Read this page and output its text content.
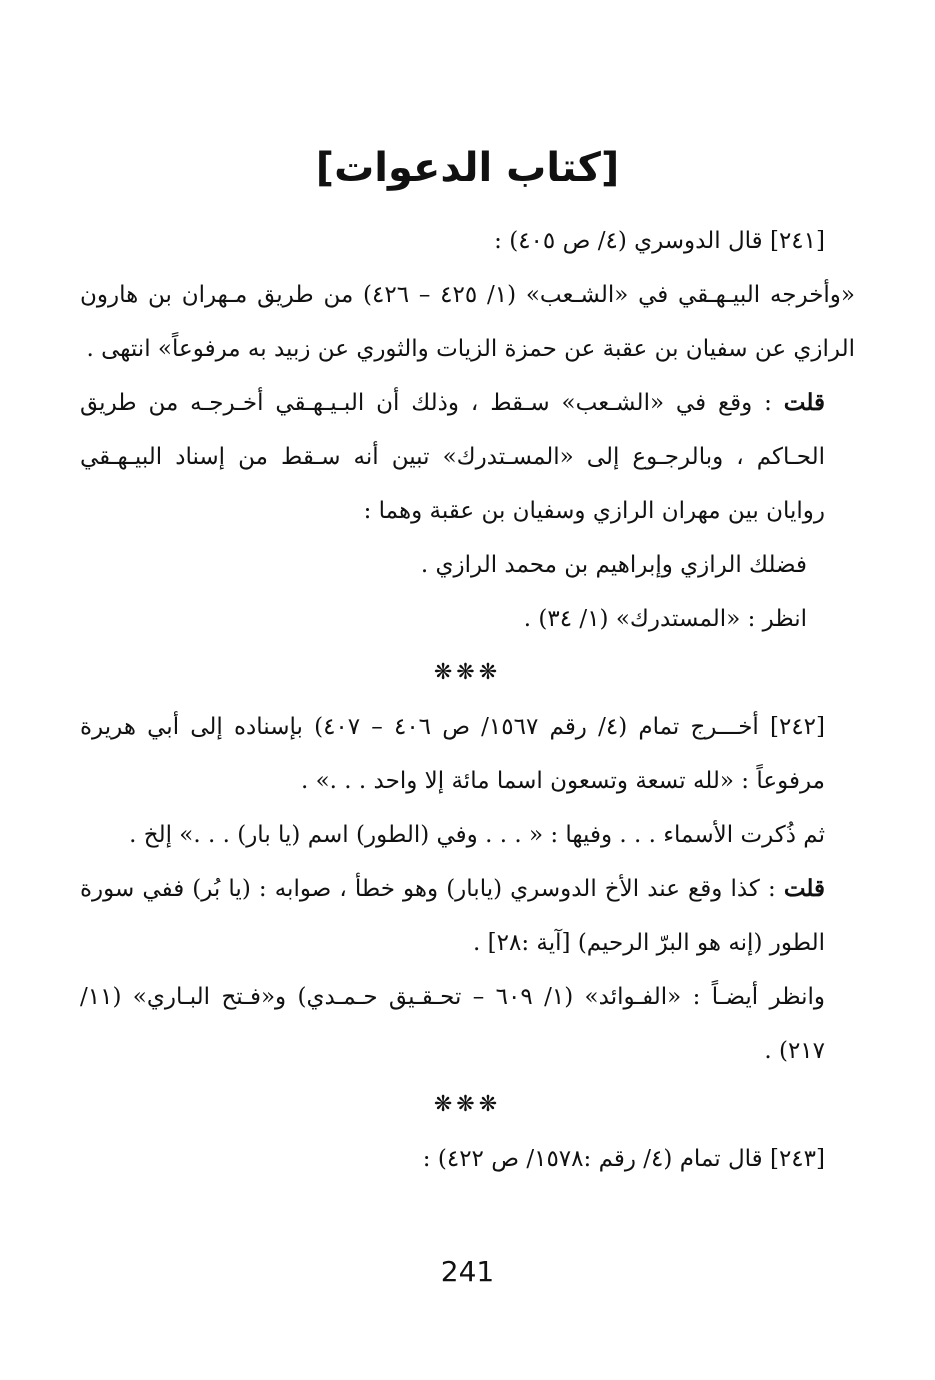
[كتاب الدعوات]

[٢٤١] قال الدوسري (٤/ ص ٤٠٥) :

«وأخرجه البيـهـقي في «الشـعب» (١/ ٤٢٥ – ٤٢٦) من طريق مـهران بن هارون الرازي عن سفيان بن عقبة عن حمزة الزيات والثوري عن زبيد به مرفوعاً» انتهى .

قلت : وقع في «الشـعب» سـقط ، وذلك أن البـيـهـقي أخـرجـه من طريق الحـاكم ، وبالرجـوع إلى «المسـتدرك» تبين أنه سـقط من إسناد البيـهـقي روايان بين مهران الرازي وسفيان بن عقبة وهما :

فضلك الرازي وإبراهيم بن محمد الرازي .

انظر : «المستدرك» (١/ ٣٤) .

❋❋❋

[٢٤٢] أخـــرج تمام (٤/ رقم ١٥٦٧/ ص ٤٠٦ – ٤٠٧) بإسناده إلى أبي هريرة مرفوعاً : «لله تسعة وتسعون اسما مائة إلا واحد . . .» .

ثم ذُكرت الأسماء . . . وفيها : « . . . وفي (الطور) اسم (يا بار) . . .» إلخ .

قلت : كذا وقع عند الأخ الدوسري (يابار) وهو خطأ ، صوابه : (يا بُر) ففي سورة الطور (إنه هو البرّ الرحيم) [آية :٢٨] .

وانظر أيضـاً : «الفـوائد» (١/ ٦٠٩ – تحـقـيق حـمـدي) و«فـتح البـاري» (١١/ ٢١٧) .

❋❋❋

[٢٤٣] قال تمام (٤/ رقم :١٥٧٨/ ص ٤٢٢) :

241
